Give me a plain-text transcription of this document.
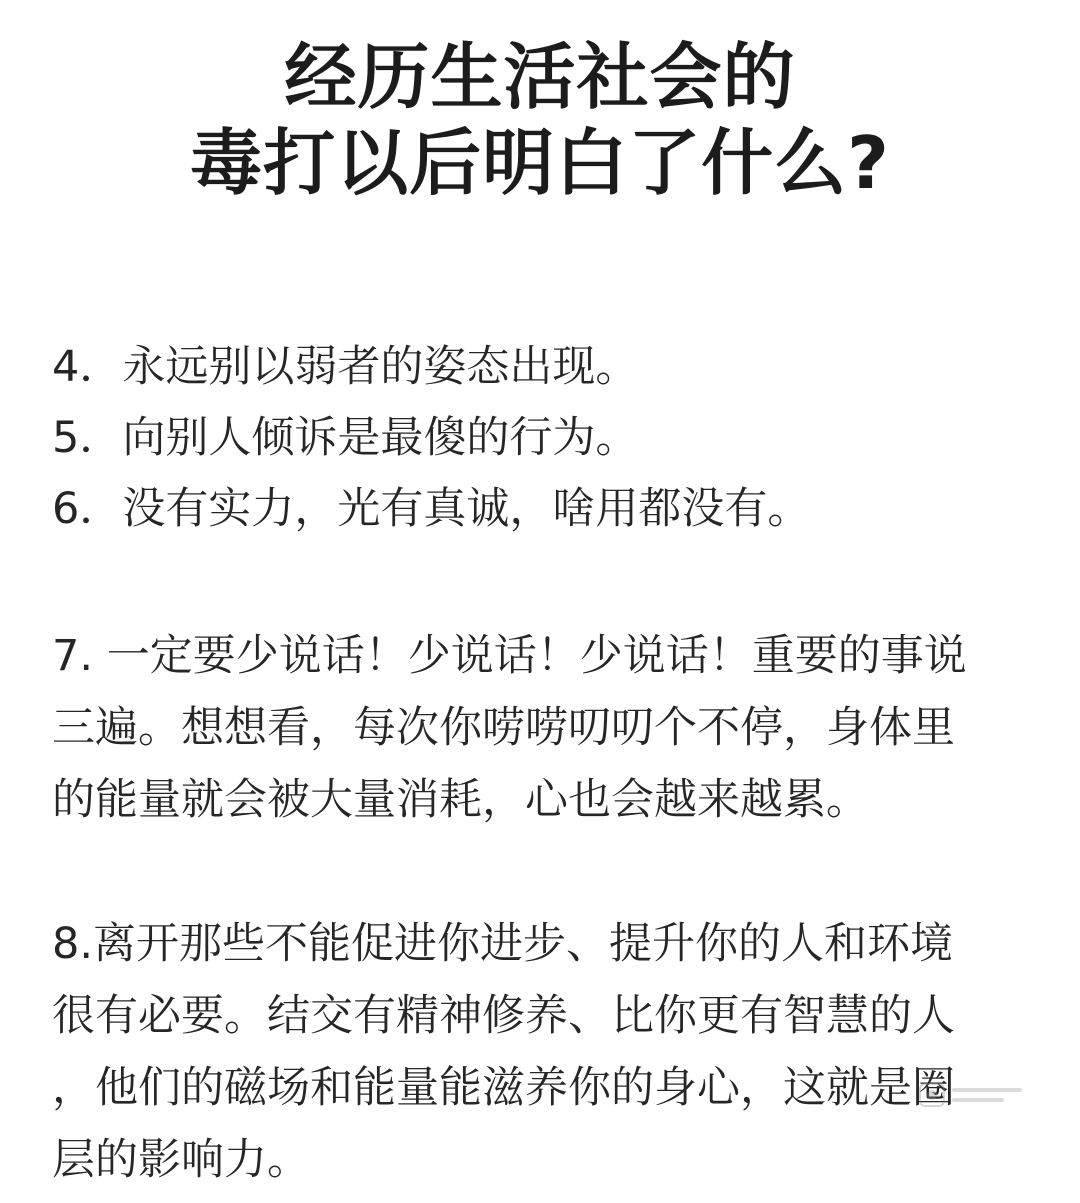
经历生活社会的
毒打以后明白了什么?
4．永远别以弱者的姿态出现。
5．向别人倾诉是最傻的行为。
6．没有实力，光有真诚，啥用都没有。
7. 一定要少说话！少说话！少说话！重要的事说
三遍。想想看，每次你唠唠叨叨个不停，身体里
的能量就会被大量消耗，心也会越来越累。
8.离开那些不能促进你进步、提升你的人和环境
很有必要。结交有精神修养、比你更有智慧的人
，他们的磁场和能量能滋养你的身心，这就是圈
层的影响力。
